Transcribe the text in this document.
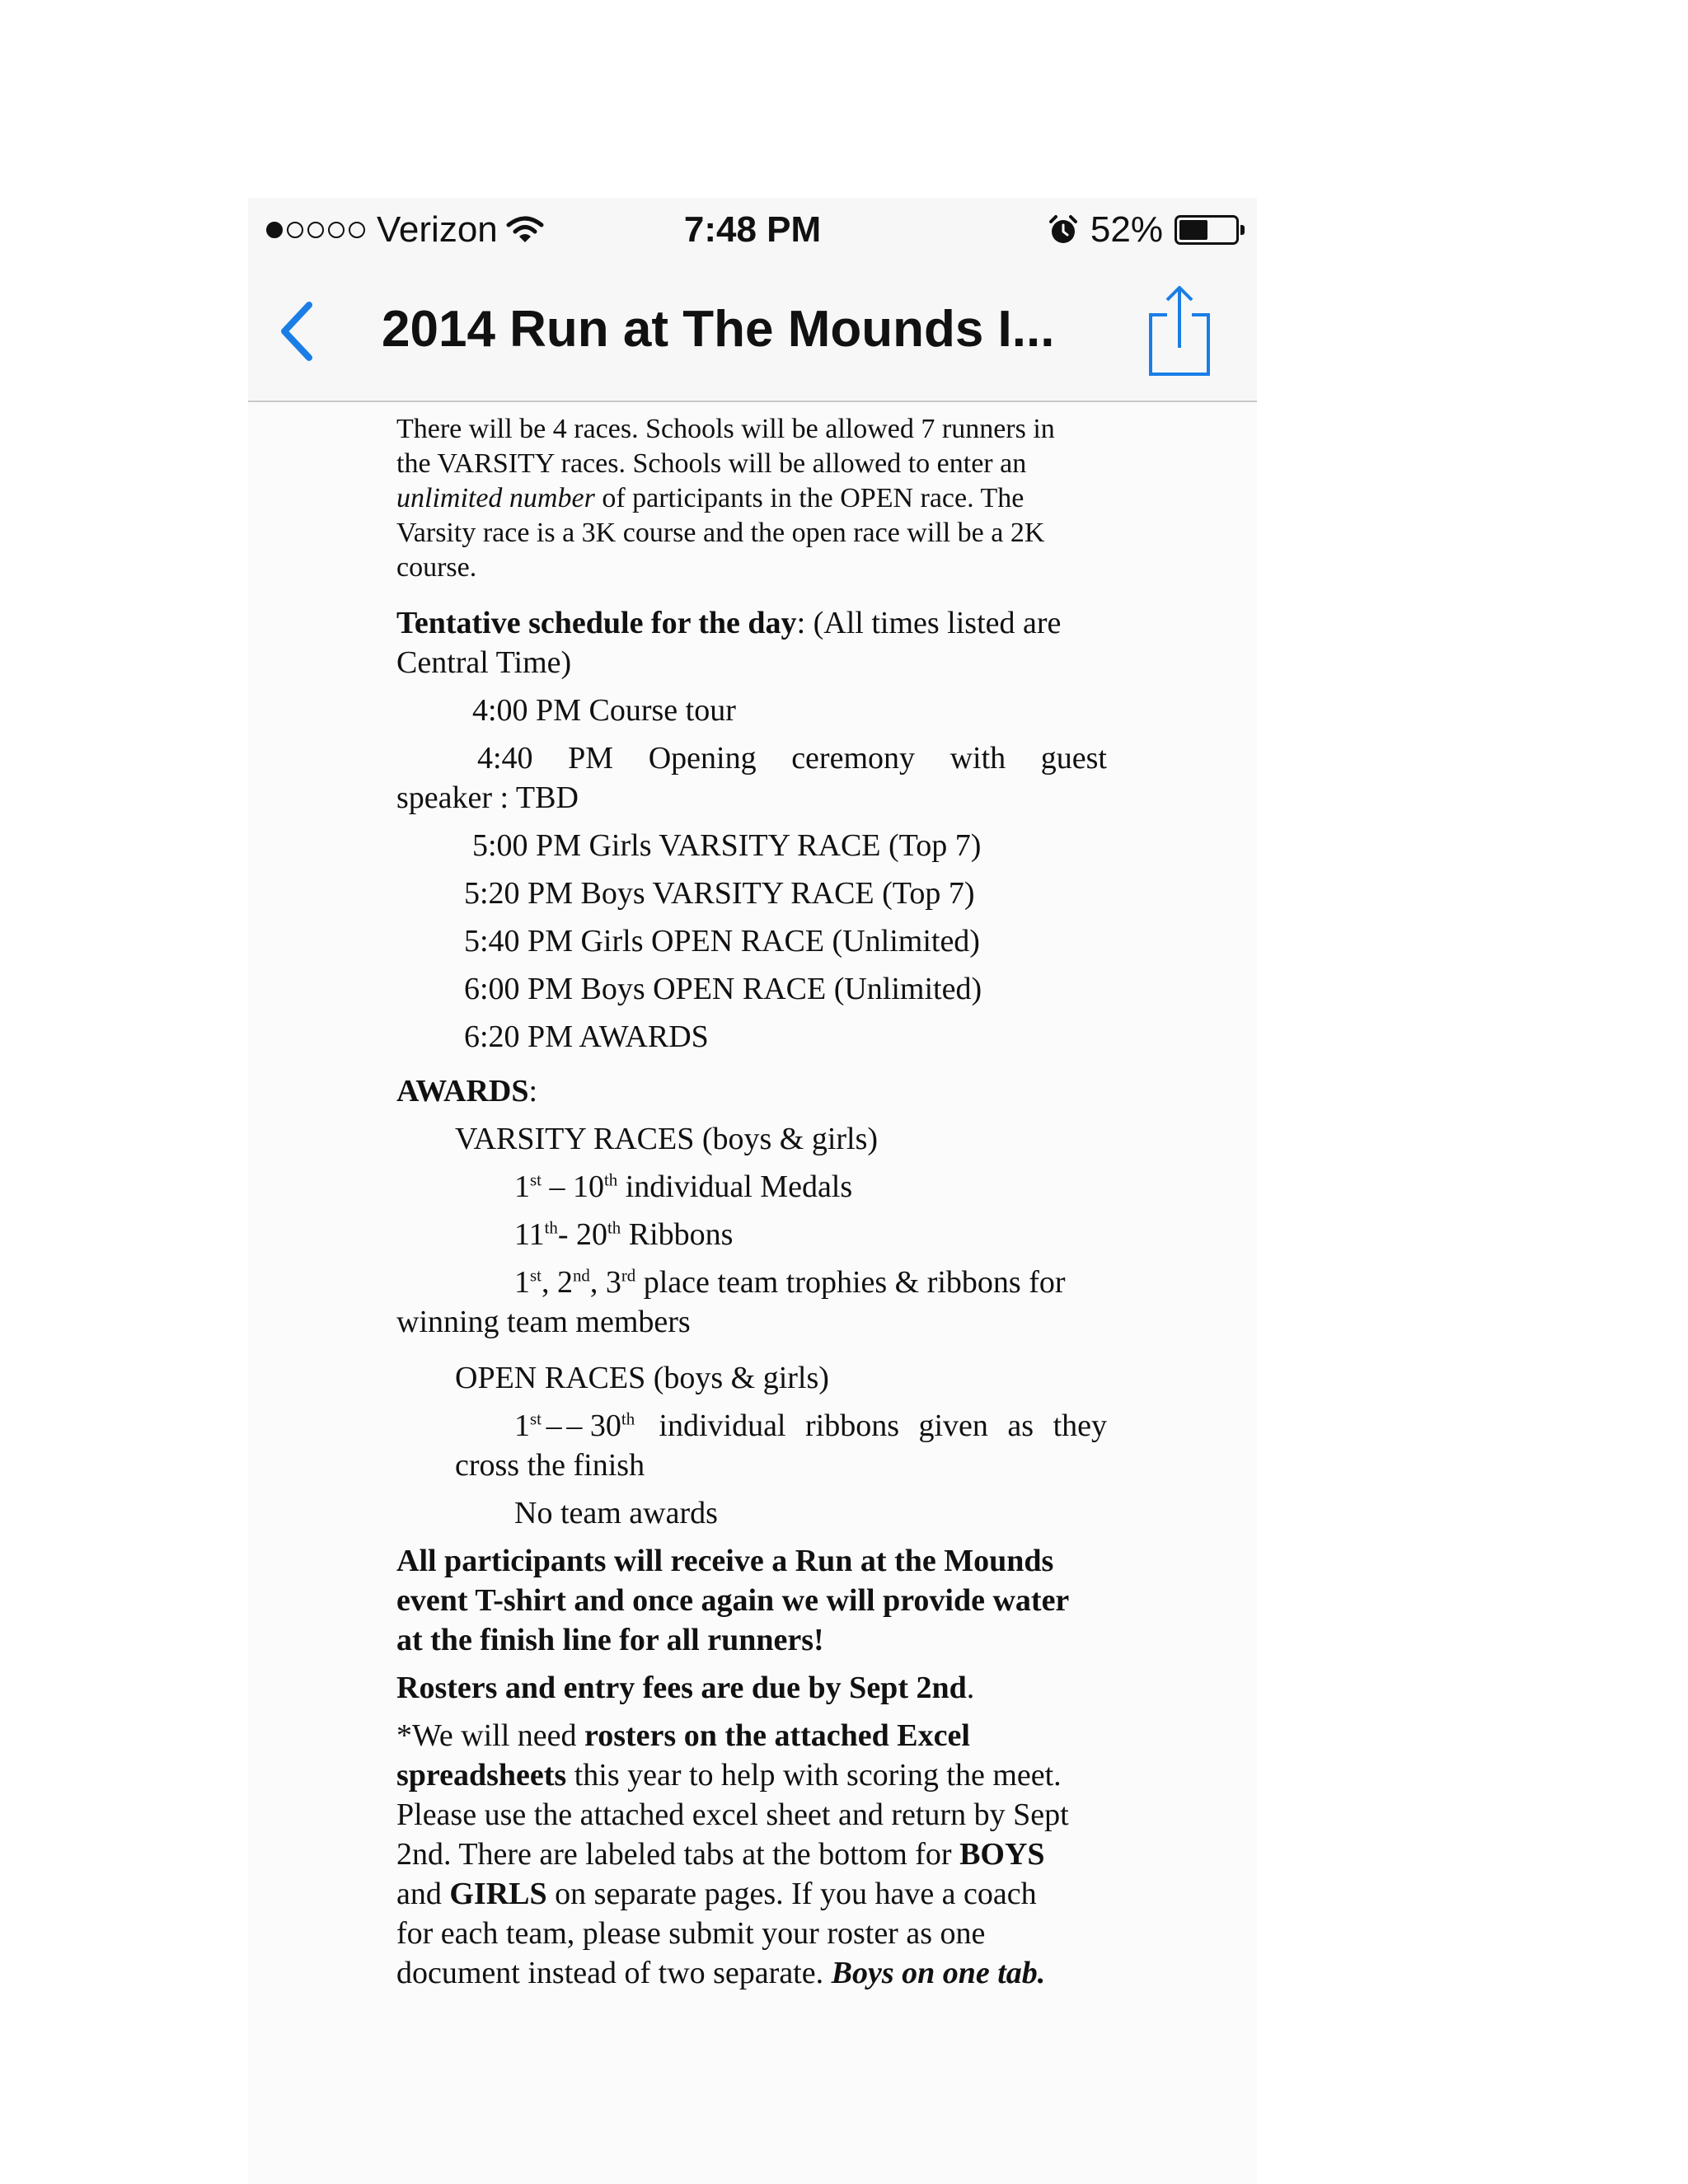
Verizon	7:48 PM	52%
2014 Run at The Mounds I...
There will be 4 races. Schools will be allowed 7 runners in
the VARSITY races. Schools will be allowed to enter an
unlimited number of participants in the OPEN race. The
Varsity race is a 3K course and the open race will be a 2K
course.
Tentative schedule for the day: (All times listed are
Central Time)
4:00 PM Course tour
4:40 PM Opening ceremony with guest
speaker : TBD
5:00 PM Girls VARSITY RACE (Top 7)
5:20 PM Boys VARSITY RACE (Top 7)
5:40 PM Girls OPEN RACE (Unlimited)
6:00 PM Boys OPEN RACE (Unlimited)
6:20 PM AWARDS
AWARDS:
VARSITY RACES (boys & girls)
1st – 10th individual Medals
11th- 20th Ribbons
1st, 2nd, 3rd place team trophies & ribbons for
winning team members
OPEN RACES (boys & girls)
1st – – 30th individual ribbons given as they
cross the finish
No team awards
All participants will receive a Run at the Mounds
event T-shirt and once again we will provide water
at the finish line for all runners!
Rosters and entry fees are due by Sept 2nd.
*We will need rosters on the attached Excel
spreadsheets this year to help with scoring the meet.
Please use the attached excel sheet and return by Sept
2nd. There are labeled tabs at the bottom for BOYS
and GIRLS on separate pages. If you have a coach
for each team, please submit your roster as one
document instead of two separate. Boys on one tab.
